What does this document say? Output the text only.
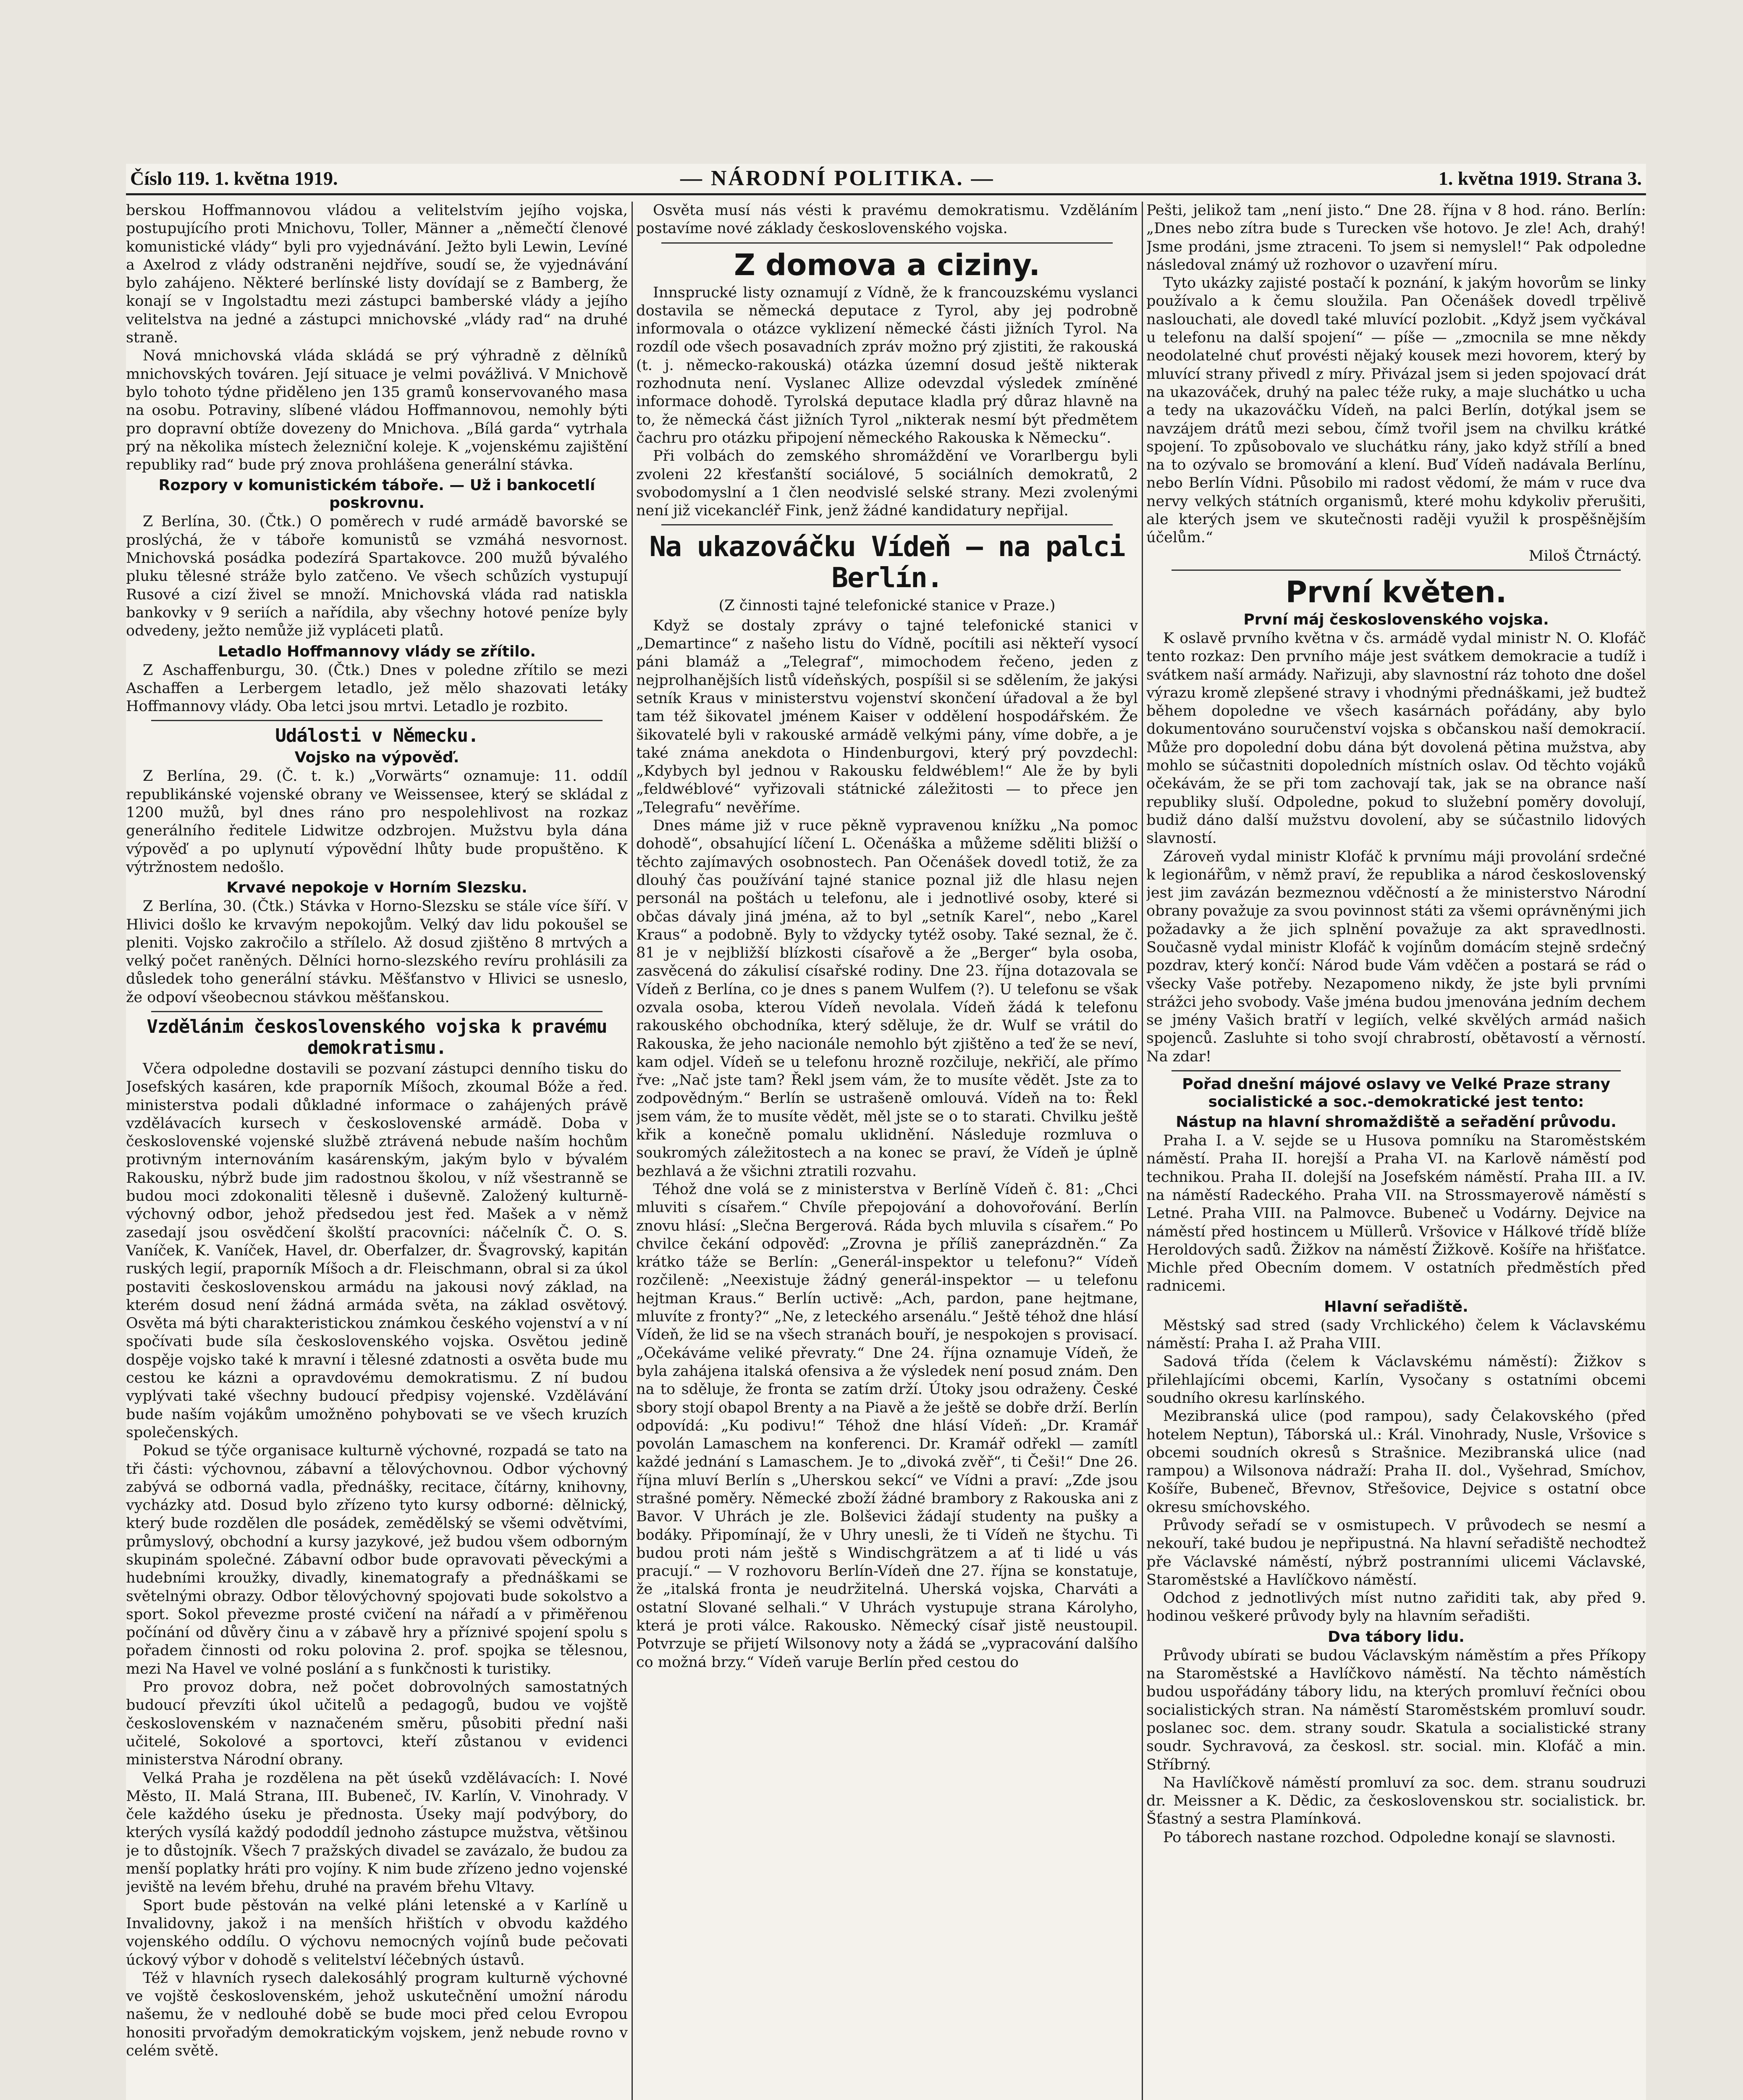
Číslo 119. 1. května 1919.	— NÁRODNÍ POLITIKA. —	1. května 1919. Strana 3.

berskou Hoffmannovou vládou a velitelstvím jejího vojska, postupujícího proti Mnichovu, Toller, Männer a „němečtí členové komunistické vlády“ byli pro vyjednávání. Ježto byli Lewin, Levíné a Axelrod z vlády odstraněni nejdříve, soudí se, že vyjednávání bylo zahájeno. Některé berlínské listy dovídají se z Bamberg, že konají se v Ingolstadtu mezi zástupci bamberské vlády a jejího velitelstva na jedné a zástupci mnichovské „vlády rad“ na druhé straně.

Nová mnichovská vláda skládá se prý výhradně z dělníků mnichovských továren. Její situace je velmi povážlivá. V Mnichově bylo tohoto týdne přiděleno jen 135 gramů konservovaného masa na osobu. Potraviny, slíbené vládou Hoffmannovou, nemohly býti pro dopravní obtíže dovezeny do Mnichova. „Bílá garda“ vytrhala prý na několika místech železniční koleje. K „vojenskému zajištění republiky rad“ bude prý znova prohlášena generální stávka.

Rozpory v komunistickém táboře. — Už i bankocetlí poskrovnu.

Z Berlína, 30. (Čtk.) O poměrech v rudé armádě bavorské se proslýchá, že v táboře komunistů se vzmáhá nesvornost. Mnichovská posádka podezírá Spartakovce. 200 mužů bývalého pluku tělesné stráže bylo zatčeno. Ve všech schůzích vystupují Rusové a cizí živel se množí. Mnichovská vláda rad natiskla bankovky v 9 seriích a nařídila, aby všechny hotové peníze byly odvedeny, ježto nemůže již vypláceti platů.

Letadlo Hoffmannovy vlády se zřítilo.

Z Aschaffenburgu, 30. (Čtk.) Dnes v poledne zřítilo se mezi Aschaffen a Lerbergem letadlo, jež mělo shazovati letáky Hoffmannovy vlády. Oba letci jsou mrtvi. Letadlo je rozbito.

Události v Německu.
Vojsko na výpověď.

Z Berlína, 29. (Č. t. k.) „Vorwärts“ oznamuje: 11. oddíl republikánské vojenské obrany ve Weissensee, který se skládal z 1200 mužů, byl dnes ráno pro nespolehlivost na rozkaz generálního ředitele Lidwitze odzbrojen. Mužstvu byla dána výpověď a po uplynutí výpovědní lhůty bude propuštěno. K výtržnostem nedošlo.

Krvavé nepokoje v Horním Slezsku.

Z Berlína, 30. (Čtk.) Stávka v Horno-Slezsku se stále více šíří. V Hlivici došlo ke krvavým nepokojům. Velký dav lidu pokoušel se pleniti. Vojsko zakročilo a střílelo. Až dosud zjištěno 8 mrtvých a velký počet raněných. Dělníci horno-slezského revíru prohlásili za důsledek toho generální stávku. Měšťanstvo v Hlivici se usneslo, že odpoví všeobecnou stávkou měšťanskou.

Vzdělánim československého vojska k pravému demokratismu.

Včera odpoledne dostavili se pozvaní zástupci denního tisku do Josefských kasáren, kde praporník Míšoch, zkoumal Bóže a řed. ministerstva podali důkladné informace o zahájených právě vzdělávacích kursech v československé armádě. Doba v československé vojenské službě ztrávená nebude naším hochům protivným internováním kasárenským, jakým bylo v bývalém Rakousku, nýbrž bude jim radostnou školou, v níž všestranně se budou moci zdokonaliti tělesně i duševně. Založený kulturně-výchovný odbor, jehož předsedou jest řed. Mašek a v němž zasedají jsou osvědčení školští pracovníci: náčelník Č. O. S. Vaníček, K. Vaníček, Havel, dr. Oberfalzer, dr. Švagrovský, kapitán ruských legií, praporník Míšoch a dr. Fleischmann, obral si za úkol postaviti československou armádu na jakousi nový základ, na kterém dosud není žádná armáda světa, na základ osvětový. Osvěta má býti charakteristickou známkou českého vojenství a v ní spočívati bude síla československého vojska. Osvětou jedině dospěje vojsko také k mravní i tělesné zdatnosti a osvěta bude mu cestou ke kázni a opravdovému demokratismu. Z ní budou vyplývati také všechny budoucí předpisy vojenské. Vzdělávání bude naším vojákům umožněno pohybovati se ve všech kruzích společenských.

Pokud se týče organisace kulturně výchovné, rozpadá se tato na tři části: výchovnou, zábavní a tělovýchovnou. Odbor výchovný zabývá se odborná vadla, přednášky, recitace, čítárny, knihovny, vycházky atd. Dosud bylo zřízeno tyto kursy odborné: dělnický, který bude rozdělen dle posádek, zemědělský se všemi odvětvími, průmyslový, obchodní a kursy jazykové, jež budou všem odborným skupinám společné. Zábavní odbor bude opravovati pěveckými a hudebními kroužky, divadly, kinematografy a přednáškami se světelnými obrazy. Odbor tělovýchovný spojovati bude sokolstvo a sport. Sokol převezme prosté cvičení na nářadí a v přiměřenou počínání od důvěry činu a v zábavě hry a příznivé spojení spolu s pořadem činnosti od roku polovina 2. prof. spojka se tělesnou, mezi Na Havel ve volné poslání a s funkčnosti k turistiky.

Pro provoz dobra, než počet dobrovolných samostatných budoucí převzíti úkol učitelů a pedagogů, budou ve vojště československém v naznačeném směru, působiti přední naši učitelé, Sokolové a sportovci, kteří zůstanou v evidenci ministerstva Národní obrany.

Velká Praha je rozdělena na pět úseků vzdělávacích: I. Nové Město, II. Malá Strana, III. Bubeneč, IV. Karlín, V. Vinohrady. V čele každého úseku je přednosta. Úseky mají podvýbory, do kterých vysílá každý pododdíl jednoho zástupce mužstva, většinou je to důstojník. Všech 7 pražských divadel se zavázalo, že budou za menší poplatky hráti pro vojíny. K nim bude zřízeno jedno vojenské jeviště na levém břehu, druhé na pravém břehu Vltavy.

Sport bude pěstován na velké pláni letenské a v Karlíně u Invalidovny, jakož i na menších hřištích v obvodu každého vojenského oddílu. O výchovu nemocných vojínů bude pečovati úckový výbor v dohodě s velitelství léčebných ústavů.

Též v hlavních rysech dalekosáhlý program kulturně výchovné ve vojště československém, jehož uskutečnění umožní národu našemu, že v nedlouhé době se bude moci před celou Evropou honositi prvořadým demokratickým vojskem, jenž nebude rovno v celém světě.

Osvěta musí nás vésti k pravému demokratismu. Vzděláním postavíme nové základy československého vojska.

Z domova a ciziny.

Innsprucké listy oznamují z Vídně, že k francouzskému vyslanci dostavila se německá deputace z Tyrol, aby jej podrobně informovala o otázce vyklizení německé části jižních Tyrol. Na rozdíl ode všech posavadních zpráv možno prý zjistiti, že rakouská (t. j. německo-rakouská) otázka územní dosud ještě nikterak rozhodnuta není. Vyslanec Allize odevzdal výsledek zmíněné informace dohodě. Tyrolská deputace kladla prý důraz hlavně na to, že německá část jižních Tyrol „nikterak nesmí být předmětem čachru pro otázku připojení německého Rakouska k Německu“.

Při volbách do zemského shromáždění ve Vorarlbergu byli zvoleni 22 křesťanští sociálové, 5 sociálních demokratů, 2 svobodomyslní a 1 člen neodvislé selské strany. Mezi zvolenými není již vicekancléř Fink, jenž žádné kandidatury nepřijal.

Na ukazováčku Vídeň — na palci Berlín.

(Z činnosti tajné telefonické stanice v Praze.)

Když se dostaly zprávy o tajné telefonické stanici v „Demartince“ z našeho listu do Vídně, pocítili asi někteří vysocí páni blamáž a „Telegraf“, mimochodem řečeno, jeden z nejprolhanějších listů vídeňských, pospíšil si se sdělením, že jakýsi setník Kraus v ministerstvu vojenství skončení úřadoval a že byl tam též šikovatel jménem Kaiser v oddělení hospodářském. Že šikovatelé byli v rakouské armádě velkými pány, víme dobře, a je také známa anekdota o Hindenburgovi, který prý povzdechl: „Kdybych byl jednou v Rakousku feldwéblem!“ Ale že by byli „feldwéblové“ vyřizovali státnické záležitosti — to přece jen „Telegrafu“ nevěříme.

Dnes máme již v ruce pěkně vypravenou knížku „Na pomoc dohodě“, obsahující líčení L. Očenáška a můžeme sděliti bližší o těchto zajímavých osobnostech. Pan Očenášek dovedl totiž, že za dlouhý čas používání tajné stanice poznal již dle hlasu nejen personál na poštách u telefonu, ale i jednotlivé osoby, které si občas dávaly jiná jména, až to byl „setník Karel“, nebo „Karel Kraus“ a podobně. Byly to vždycky tytéž osoby. Také seznal, že č. 81 je v nejbližší blízkosti císařově a že „Berger“ byla osoba, zasvěcená do zákulisí císařské rodiny. Dne 23. října dotazovala se Vídeň z Berlína, co je dnes s panem Wulfem (?). U telefonu se však ozvala osoba, kterou Vídeň nevolala. Vídeň žádá k telefonu rakouského obchodníka, který sděluje, že dr. Wulf se vrátil do Rakouska, že jeho nacionále nemohlo být zjištěno a teď že se neví, kam odjel. Vídeň se u telefonu hrozně rozčiluje, nekřičí, ale přímo řve: „Nač jste tam? Řekl jsem vám, že to musíte vědět. Jste za to zodpovědným.“ Berlín se ustrašeně omlouvá. Vídeň na to: Řekl jsem vám, že to musíte vědět, měl jste se o to starati. Chvilku ještě křik a konečně pomalu uklidnění. Následuje rozmluva o soukromých záležitostech a na konec se praví, že Vídeň je úplně bezhlavá a že všichni ztratili rozvahu.

Téhož dne volá se z ministerstva v Berlíně Vídeň č. 81: „Chci mluviti s císařem.“ Chvíle přepojování a dohovořování. Berlín znovu hlásí: „Slečna Bergerová. Ráda bych mluvila s císařem.“ Po chvilce čekání odpověď: „Zrovna je příliš zaneprázdněn.“ Za krátko táže se Berlín: „Generál-inspektor u telefonu?“ Vídeň rozčileně: „Neexistuje žádný generál-inspektor — u telefonu hejtman Kraus.“ Berlín uctivě: „Ach, pardon, pane hejtmane, mluvíte z fronty?“ „Ne, z leteckého arsenálu.“ Ještě téhož dne hlásí Vídeň, že lid se na všech stranách bouří, je nespokojen s provisací. „Očekáváme veliké převraty.“ Dne 24. října oznamuje Vídeň, že byla zahájena italská ofensiva a že výsledek není posud znám. Den na to sděluje, že fronta se zatím drží. Útoky jsou odraženy. České sbory stojí obapol Brenty a na Piavě a že ještě se dobře drží. Berlín odpovídá: „Ku podivu!“ Téhož dne hlásí Vídeň: „Dr. Kramář povolán Lamaschem na konferenci. Dr. Kramář odřekl — zamítl každé jednání s Lamaschem. Je to „divoká zvěř“, ti Češi!“ Dne 26. října mluví Berlín s „Uherskou sekcí“ ve Vídni a praví: „Zde jsou strašné poměry. Německé zboží žádné brambory z Rakouska ani z Bavor. V Uhrách je zle. Bolševici žádají studenty na pušky a bodáky. Připomínají, že v Uhry unesli, že ti Vídeň ne štychu. Ti budou proti nám ještě s Windischgrätzem a ať ti lidé u vás pracují.“ — V rozhovoru Berlín-Vídeň dne 27. října se konstatuje, že „italská fronta je neudržitelná. Uherská vojska, Charváti a ostatní Slované selhali.“ V Uhrách vystupuje strana Károlyho, která je proti válce. Rakousko. Německý císař jistě neustoupil. Potvrzuje se přijetí Wilsonovy noty a žádá se „vypracování dalšího co možná brzy.“ Vídeň varuje Berlín před cestou do

Pešti, jelikož tam „není jisto.“ Dne 28. října v 8 hod. ráno. Berlín: „Dnes nebo zítra bude s Turecken vše hotovo. Je zle! Ach, drahý! Jsme prodáni, jsme ztraceni. To jsem si nemyslel!“ Pak odpoledne následoval známý už rozhovor o uzavření míru.

Tyto ukázky zajisté postačí k poznání, k jakým hovorům se linky používalo a k čemu sloužila. Pan Očenášek dovedl trpělivě naslouchati, ale dovedl také mluvící pozlobit. „Když jsem vyčkával u telefonu na další spojení“ — píše — „zmocnila se mne někdy neodolatelné chuť provésti nějaký kousek mezi hovorem, který by mluvící strany přivedl z míry. Přivázal jsem si jeden spojovací drát na ukazováček, druhý na palec téže ruky, a maje sluchátko u ucha a tedy na ukazováčku Vídeň, na palci Berlín, dotýkal jsem se navzájem drátů mezi sebou, čímž tvořil jsem na chvilku krátké spojení. To způsobovalo ve sluchátku rány, jako když střílí a bned na to ozývalo se bromování a klení. Buď Vídeň nadávala Berlínu, nebo Berlín Vídni. Působilo mi radost vědomí, že mám v ruce dva nervy velkých státních organismů, které mohu kdykoliv přerušiti, ale kterých jsem ve skutečnosti raději využil k prospěšnějším účelům.“

Miloš Čtrnáctý.

První květen.
První máj československého vojska.

K oslavě prvního května v čs. armádě vydal ministr N. O. Klofáč tento rozkaz: Den prvního máje jest svátkem demokracie a tudíž i svátkem naší armády. Nařizuji, aby slavnostní ráz tohoto dne došel výrazu kromě zlepšené stravy i vhodnými přednáškami, jež budtež během dopoledne ve všech kasárnách pořádány, aby bylo dokumentováno souručenství vojska s občanskou naší demokracií. Může pro dopolední dobu dána být dovolená pětina mužstva, aby mohlo se súčastniti dopoledních místních oslav. Od těchto vojáků očekávám, že se při tom zachovají tak, jak se na obrance naší republiky sluší. Odpoledne, pokud to služební poměry dovolují, budiž dáno další mužstvu dovolení, aby se súčastnilo lidových slavností.

Zároveň vydal ministr Klofáč k prvnímu máji provolání srdečné k legionářům, v němž praví, že republika a národ československý jest jim zavázán bezmeznou vděčností a že ministerstvo Národní obrany považuje za svou povinnost státi za všemi oprávněnými jich požadavky a že jich splnění považuje za akt spravedlnosti. Současně vydal ministr Klofáč k vojínům domácím stejně srdečný pozdrav, který končí: Národ bude Vám vděčen a postará se rád o všecky Vaše potřeby. Nezapomeno nikdy, že jste byli prvními strážci jeho svobody. Vaše jména budou jmenována jedním dechem se jmény Vašich bratří v legiích, velké skvělých armád našich spojenců. Zasluhte si toho svojí chrabrostí, obětavostí a věrností. Na zdar!

Pořad dnešní májové oslavy ve Velké Praze strany socialistické a soc.-demokratické jest tento:
Nástup na hlavní shromaždiště a seřadění průvodu.

Praha I. a V. sejde se u Husova pomníku na Staroměstském náměstí. Praha II. horejší a Praha VI. na Karlově náměstí pod technikou. Praha II. dolejší na Josefském náměstí. Praha III. a IV. na náměstí Radeckého. Praha VII. na Strossmayerově náměstí s Letné. Praha VIII. na Palmovce. Bubeneč u Vodárny. Dejvice na náměstí před hostincem u Müllerů. Vršovice v Hálkové třídě blíže Heroldových sadů. Žižkov na náměstí Žižkově. Košíře na hřišťatce. Michle před Obecním domem. V ostatních předměstích před radnicemi.

Hlavní seřadiště.

Městský sad stred (sady Vrchlického) čelem k Václavskému náměstí: Praha I. až Praha VIII.

Sadová třída (čelem k Václavskému náměstí): Žižkov s přilehlajícími obcemi, Karlín, Vysočany s ostatními obcemi soudního okresu karlínského.

Mezibranská ulice (pod rampou), sady Čelakovského (před hotelem Neptun), Táborská ul.: Král. Vinohrady, Nusle, Vršovice s obcemi soudních okresů s Strašnice. Mezibranská ulice (nad rampou) a Wilsonova nádraží: Praha II. dol., Vyšehrad, Smíchov, Košíře, Bubeneč, Břevnov, Střešovice, Dejvice s ostatní obce okresu smíchovského.

Průvody seřadí se v osmistupech. V průvodech se nesmí a nekouří, také budou je nepřipustná. Na hlavní seřadiště nechodtež pře Václavské náměstí, nýbrž postranními ulicemi Václavské, Staroměstské a Havlíčkovo náměstí.

Odchod z jednotlivých míst nutno zařiditi tak, aby před 9. hodinou veškeré průvody byly na hlavním seřadišti.

Dva tábory lidu.

Průvody ubírati se budou Václavským náměstím a přes Příkopy na Staroměstské a Havlíčkovo náměstí. Na těchto náměstích budou uspořádány tábory lidu, na kterých promluví řečníci obou socialistických stran. Na náměstí Staroměstském promluví soudr. poslanec soc. dem. strany soudr. Skatula a socialistické strany soudr. Sychravová, za českosl. str. social. min. Klofáč a min. Stříbrný.

Na Havlíčkově náměstí promluví za soc. dem. stranu soudruzi dr. Meissner a K. Dědic, za československou str. socialistick. br. Šťastný a sestra Plamínková.

Po táborech nastane rozchod. Odpoledne konají se slavnosti.
